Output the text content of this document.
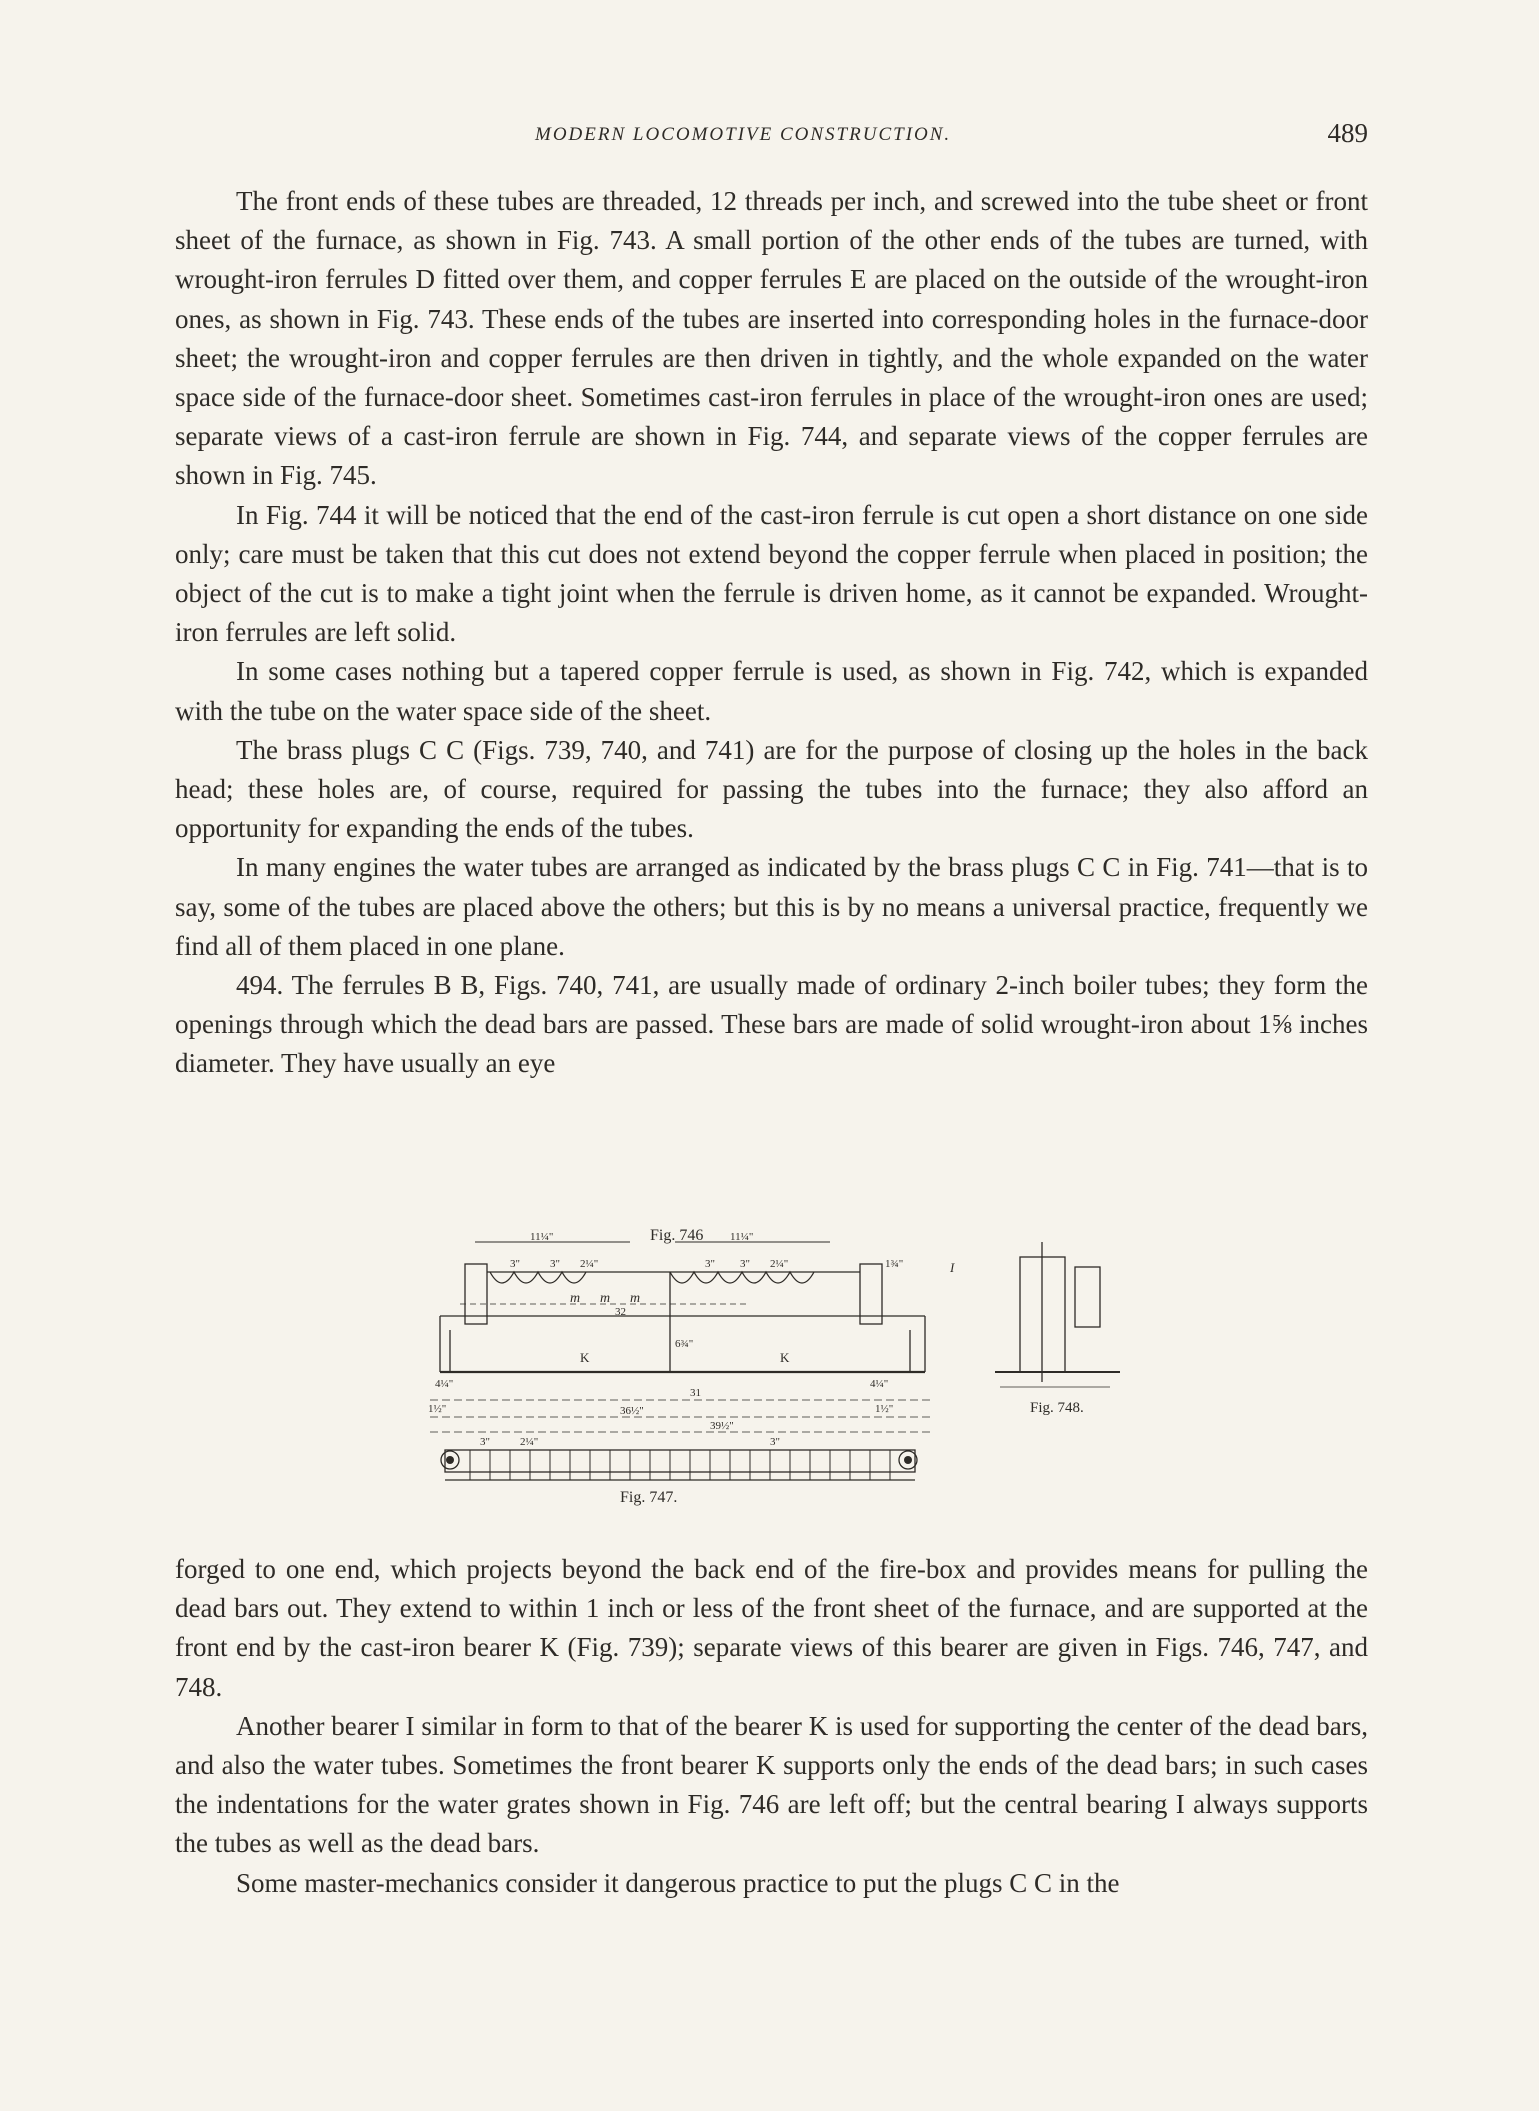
MODERN LOCOMOTIVE CONSTRUCTION.	489

The front ends of these tubes are threaded, 12 threads per inch, and screwed into the tube sheet or front sheet of the furnace, as shown in Fig. 743. A small portion of the other ends of the tubes are turned, with wrought-iron ferrules D fitted over them, and copper ferrules E are placed on the outside of the wrought-iron ones, as shown in Fig. 743. These ends of the tubes are inserted into corresponding holes in the furnace-door sheet; the wrought-iron and copper ferrules are then driven in tightly, and the whole expanded on the water space side of the furnace-door sheet. Sometimes cast-iron ferrules in place of the wrought-iron ones are used; separate views of a cast-iron ferrule are shown in Fig. 744, and separate views of the copper ferrules are shown in Fig. 745.

In Fig. 744 it will be noticed that the end of the cast-iron ferrule is cut open a short distance on one side only; care must be taken that this cut does not extend beyond the copper ferrule when placed in position; the object of the cut is to make a tight joint when the ferrule is driven home, as it cannot be expanded. Wrought-iron ferrules are left solid.

In some cases nothing but a tapered copper ferrule is used, as shown in Fig. 742, which is expanded with the tube on the water space side of the sheet.

The brass plugs C C (Figs. 739, 740, and 741) are for the purpose of closing up the holes in the back head; these holes are, of course, required for passing the tubes into the furnace; they also afford an opportunity for expanding the ends of the tubes.

In many engines the water tubes are arranged as indicated by the brass plugs C C in Fig. 741—that is to say, some of the tubes are placed above the others; but this is by no means a universal practice, frequently we find all of them placed in one plane.

494. The ferrules B B, Figs. 740, 741, are usually made of ordinary 2-inch boiler tubes; they form the openings through which the dead bars are passed. These bars are made of solid wrought-iron about 1⅝ inches diameter. They have usually an eye

Fig. 746
11¼"	11¼"
3"	3" 2¼"	3" 3" 2¼"	1¾"
m m m
32
K	K
6¾"
I
4¼"	4¼"
31
36½"
39½"
1½"
1½"
3"	2¼"	3"
Fig. 747.
Fig. 748.

forged to one end, which projects beyond the back end of the fire-box and provides means for pulling the dead bars out. They extend to within 1 inch or less of the front sheet of the furnace, and are supported at the front end by the cast-iron bearer K (Fig. 739); separate views of this bearer are given in Figs. 746, 747, and 748.

Another bearer I similar in form to that of the bearer K is used for supporting the center of the dead bars, and also the water tubes. Sometimes the front bearer K supports only the ends of the dead bars; in such cases the indentations for the water grates shown in Fig. 746 are left off; but the central bearing I always supports the tubes as well as the dead bars.

Some master-mechanics consider it dangerous practice to put the plugs C C in the
